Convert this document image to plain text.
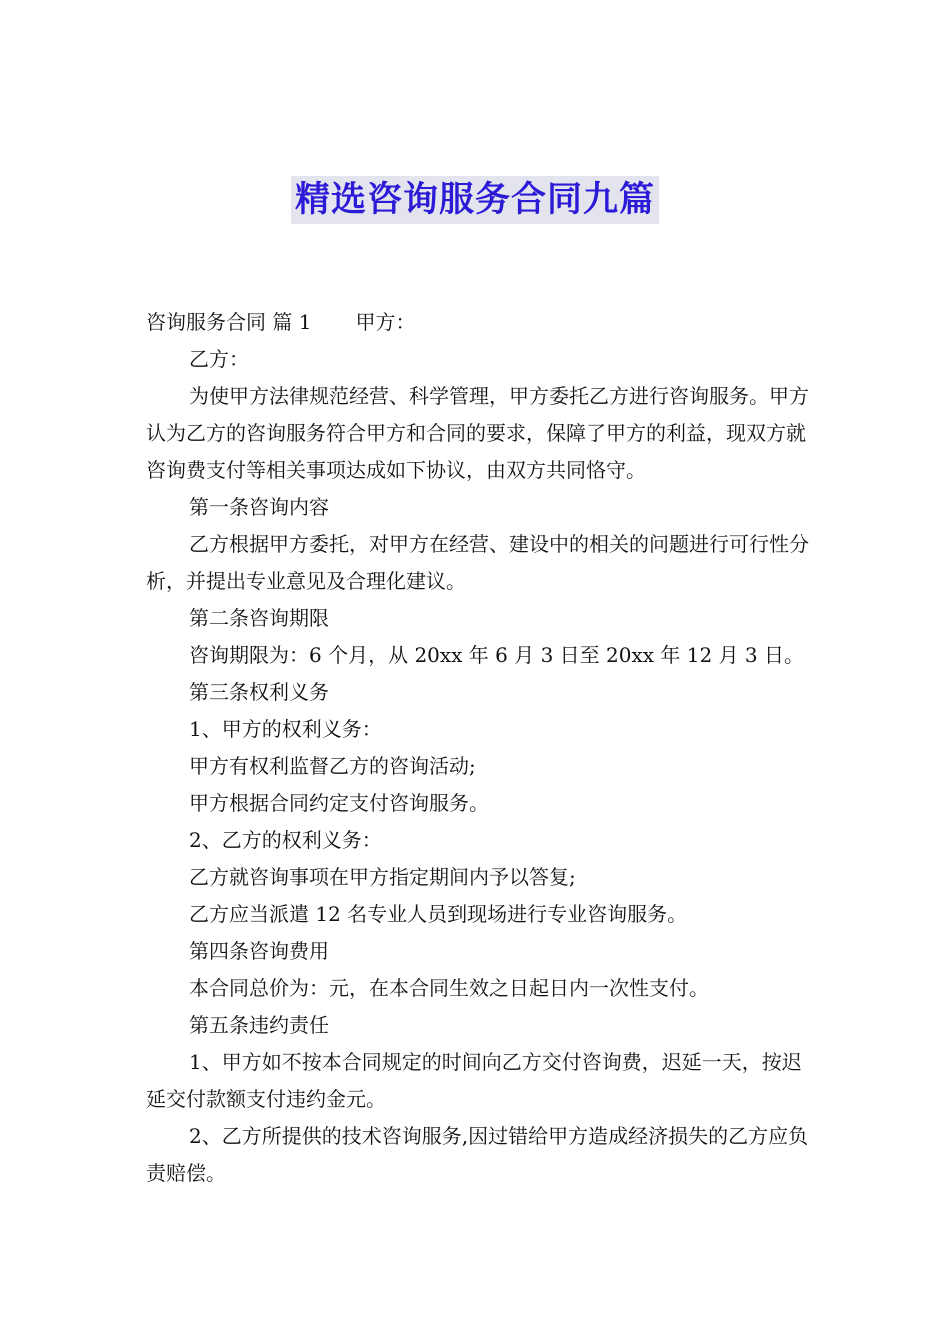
精选咨询服务合同九篇

咨询服务合同 篇 1 甲方：

乙方：

为使甲方法律规范经营、科学管理，甲方委托乙方进行咨询服务。甲方认为乙方的咨询服务符合甲方和合同的要求，保障了甲方的利益，现双方就咨询费支付等相关事项达成如下协议，由双方共同恪守。

第一条咨询内容

乙方根据甲方委托，对甲方在经营、建设中的相关的问题进行可行性分析，并提出专业意见及合理化建议。

第二条咨询期限

咨询期限为：6 个月，从 20xx 年 6 月 3 日至 20xx 年 12 月 3 日。

第三条权利义务

1、甲方的权利义务：

甲方有权利监督乙方的咨询活动;

甲方根据合同约定支付咨询服务。

2、乙方的权利义务：

乙方就咨询事项在甲方指定期间内予以答复;

乙方应当派遣 12 名专业人员到现场进行专业咨询服务。

第四条咨询费用

本合同总价为：元，在本合同生效之日起日内一次性支付。

第五条违约责任

1、甲方如不按本合同规定的时间向乙方交付咨询费，迟延一天，按迟延交付款额支付违约金元。

2、乙方所提供的技术咨询服务,因过错给甲方造成经济损失的乙方应负责赔偿。
